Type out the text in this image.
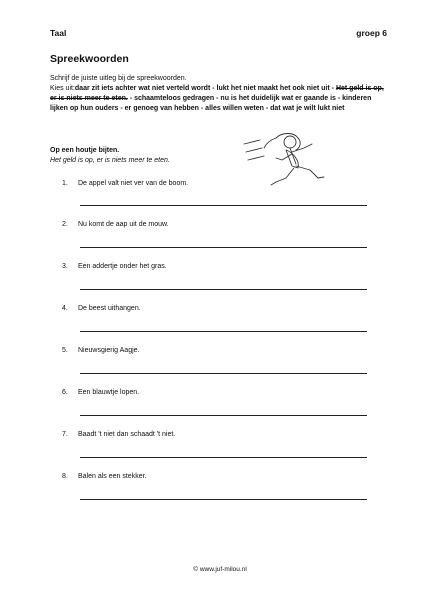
Taal	groep 6
Spreekwoorden
Schrijf de juiste uitleg bij de spreekwoorden.
Kies uit:daar zit iets achter wat niet verteld wordt - lukt het niet maakt het ook niet uit - Het geld is op, er is niets meer te eten. - schaamteloos gedragen - nu is het duidelijk wat er gaande is - kinderen lijken op hun ouders - er genoeg van hebben - alles willen weten - dat wat je wilt lukt niet
Op een houtje bijten.
Het geld is op, er is niets meer te eten.
1. De appel valt niet ver van de boom.
2. Nu komt de aap uit de mouw.
3. Een addertje onder het gras.
4. De beest uithangen.
5. Nieuwsgierig Aagje.
6. Een blauwtje lopen.
7. Baadt 't niet dan schaadt 't niet.
8. Balen als een stekker.
© www.juf-milou.nl
